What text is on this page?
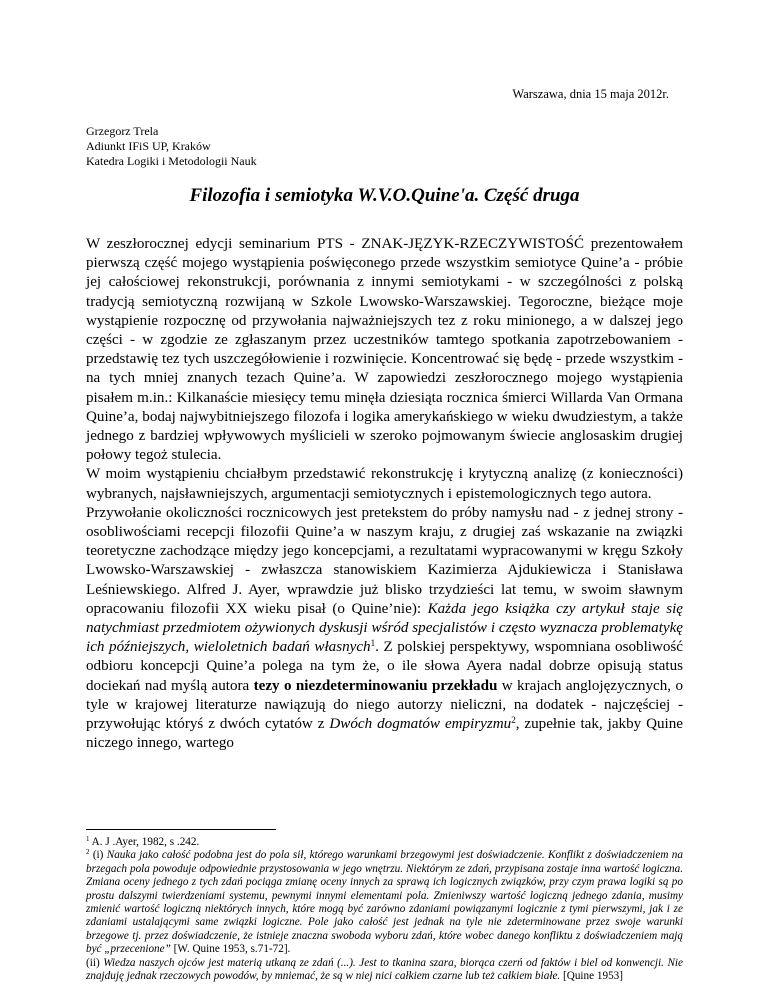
Warszawa, dnia 15 maja 2012r.
Grzegorz Trela
Adiunkt IFiS UP, Kraków
Katedra Logiki i Metodologii Nauk
Filozofia i semiotyka W.V.O.Quine'a. Część druga

W zeszłorocznej edycji seminarium PTS - ZNAK-JĘZYK-RZECZYWISTOŚĆ prezentowałem pierwszą część mojego wystąpienia poświęconego przede wszystkim semiotyce Quine’a - próbie jej całościowej rekonstrukcji, porównania z innymi semiotykami - w szczególności z polską tradycją semiotyczną rozwijaną w Szkole Lwowsko-Warszawskiej. Tegoroczne, bieżące moje wystąpienie rozpocznę od przywołania najważniejszych tez z roku minionego, a w dalszej jego części - w zgodzie ze zgłaszanym przez uczestników tamtego spotkania zapotrzebowaniem - przedstawię tez tych uszczegółowienie i rozwinięcie. Koncentrować się będę - przede wszystkim - na tych mniej znanych tezach Quine’a. W zapowiedzi zeszłorocznego mojego wystąpienia pisałem m.in.: Kilkanaście miesięcy temu minęła dziesiąta rocznica śmierci Willarda Van Ormana Quine’a, bodaj najwybitniejszego filozofa i logika amerykańskiego w wieku dwudziestym, a także jednego z bardziej wpływowych myślicieli w szeroko pojmowanym świecie anglosaskim drugiej połowy tegoż stulecia.

W moim wystąpieniu chciałbym przedstawić rekonstrukcję i krytyczną analizę (z konieczności) wybranych, najsławniejszych, argumentacji semiotycznych i epistemologicznych tego autora.

Przywołanie okoliczności rocznicowych jest pretekstem do próby namysłu nad - z jednej strony - osobliwościami recepcji filozofii Quine’a w naszym kraju, z drugiej zaś wskazanie na związki teoretyczne zachodzące między jego koncepcjami, a rezultatami wypracowanymi w kręgu Szkoły Lwowsko-Warszawskiej - zwłaszcza stanowiskiem Kazimierza Ajdukiewicza i Stanisława Leśniewskiego. Alfred J. Ayer, wprawdzie już blisko trzydzieści lat temu, w swoim sławnym opracowaniu filozofii XX wieku pisał (o Quine’nie): Każda jego książka czy artykuł staje się natychmiast przedmiotem ożywionych dyskusji wśród specjalistów i często wyznacza problematykę ich późniejszych, wieloletnich badań własnych$^1$. Z polskiej perspektywy, wspomniana osobliwość odbioru koncepcji Quine’a polega na tym że, o ile słowa Ayera nadal dobrze opisują status dociekań nad myślą autora tezy o niezdeterminowaniu przekładu w krajach anglojęzycznych, o tyle w krajowej literaturze nawiązują do niego autorzy nieliczni, na dodatek - najczęściej - przywołując któryś z dwóch cytatów z Dwóch dogmatów empiryzmu$^2$, zupełnie tak, jakby Quine niczego innego, wartego

$^1$ A. J .Ayer, 1982, s .242.

$^2$ (i) Nauka jako całość podobna jest do pola sił, którego warunkami brzegowymi jest doświadczenie. Konflikt z doświadczeniem na brzegach pola powoduje odpowiednie przystosowania w jego wnętrzu. Niektórym ze zdań, przypisana zostaje inna wartość logiczna. Zmiana oceny jednego z tych zdań pociąga zmianę oceny innych za sprawą ich logicznych związków, przy czym prawa logiki są po prostu dalszymi twierdzeniami systemu, pewnymi innymi elementami pola. Zmieniwszy wartość logiczną jednego zdania, musimy zmienić wartość logiczną niektórych innych, które mogą być zarówno zdaniami powiązanymi logicznie z tymi pierwszymi, jak i ze zdaniami ustalającymi same związki logiczne. Pole jako całość jest jednak na tyle nie zdeterminowane przez swoje warunki brzegowe tj. przez doświadczenie, że istnieje znaczna swoboda wyboru zdań, które wobec danego konfliktu z doświadczeniem mają być „przecenione” [W. Quine 1953, s.71-72].

(ii) Wiedza naszych ojców jest materią utkaną ze zdań (...). Jest to tkanina szara, biorąca czerń od faktów i biel od konwencji. Nie znajduję jednak rzeczowych powodów, by mniemać, że są w niej nici całkiem czarne lub też całkiem białe. [Quine 1953]
